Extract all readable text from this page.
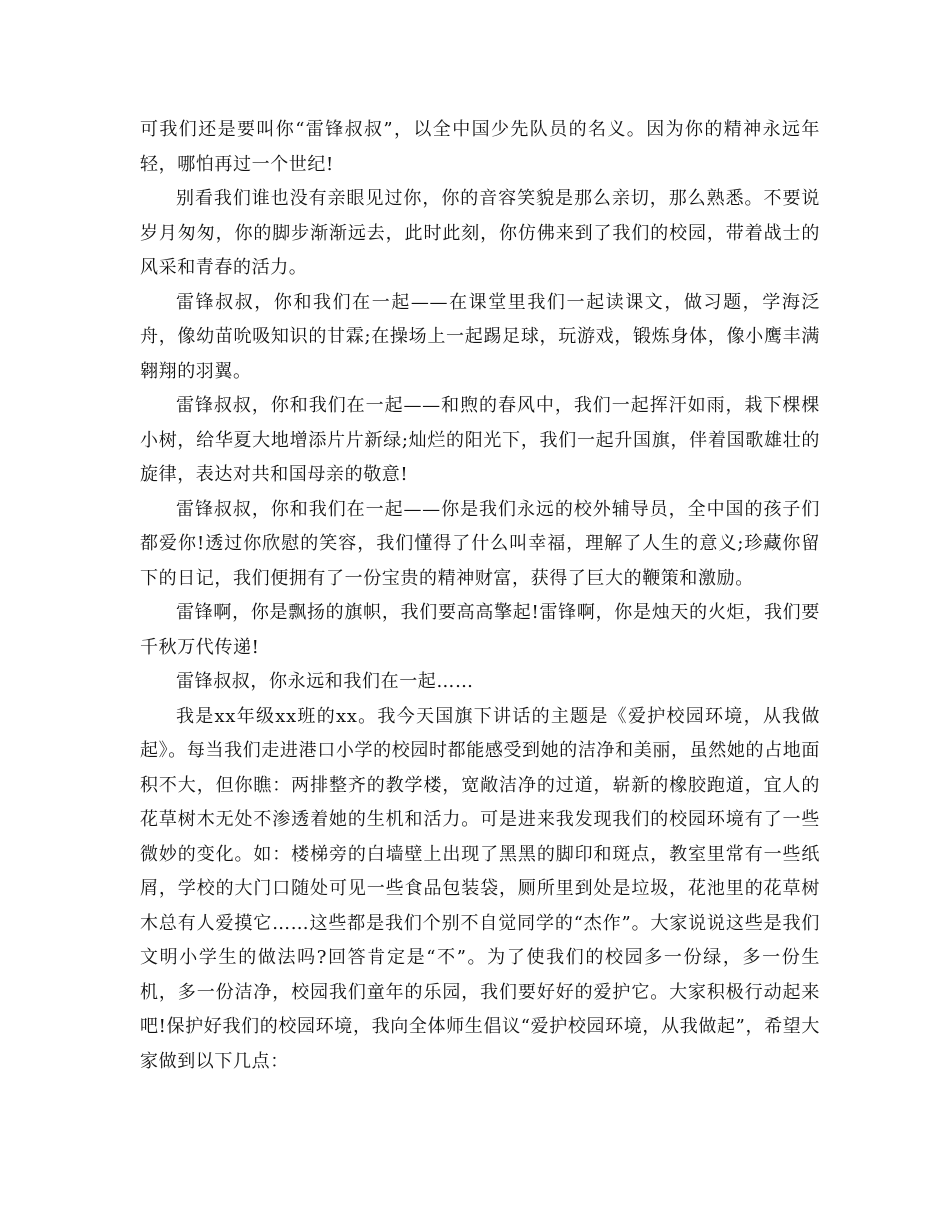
可我们还是要叫你“雷锋叔叔”，以全中国少先队员的名义。因为你的精神永远年轻，哪怕再过一个世纪!

别看我们谁也没有亲眼见过你，你的音容笑貌是那么亲切，那么熟悉。不要说岁月匆匆，你的脚步渐渐远去，此时此刻，你仿佛来到了我们的校园，带着战士的风采和青春的活力。

雷锋叔叔，你和我们在一起——在课堂里我们一起读课文，做习题，学海泛舟，像幼苗吮吸知识的甘霖;在操场上一起踢足球，玩游戏，锻炼身体，像小鹰丰满翱翔的羽翼。

雷锋叔叔，你和我们在一起——和煦的春风中，我们一起挥汗如雨，栽下棵棵小树，给华夏大地增添片片新绿;灿烂的阳光下，我们一起升国旗，伴着国歌雄壮的旋律，表达对共和国母亲的敬意!

雷锋叔叔，你和我们在一起——你是我们永远的校外辅导员，全中国的孩子们都爱你!透过你欣慰的笑容，我们懂得了什么叫幸福，理解了人生的意义;珍藏你留下的日记，我们便拥有了一份宝贵的精神财富，获得了巨大的鞭策和激励。

雷锋啊，你是飘扬的旗帜，我们要高高擎起!雷锋啊，你是烛天的火炬，我们要千秋万代传递!

雷锋叔叔，你永远和我们在一起……

我是xx年级xx班的xx。我今天国旗下讲话的主题是《爱护校园环境，从我做起》。每当我们走进港口小学的校园时都能感受到她的洁净和美丽，虽然她的占地面积不大，但你瞧：两排整齐的教学楼，宽敞洁净的过道，崭新的橡胶跑道，宜人的花草树木无处不渗透着她的生机和活力。可是进来我发现我们的校园环境有了一些微妙的变化。如：楼梯旁的白墙壁上出现了黑黑的脚印和斑点，教室里常有一些纸屑，学校的大门口随处可见一些食品包装袋，厕所里到处是垃圾，花池里的花草树木总有人爱摸它……这些都是我们个别不自觉同学的“杰作”。大家说说这些是我们文明小学生的做法吗?回答肯定是“不”。为了使我们的校园多一份绿，多一份生机，多一份洁净，校园我们童年的乐园，我们要好好的爱护它。大家积极行动起来吧!保护好我们的校园环境，我向全体师生倡议“爱护校园环境，从我做起”，希望大家做到以下几点：
